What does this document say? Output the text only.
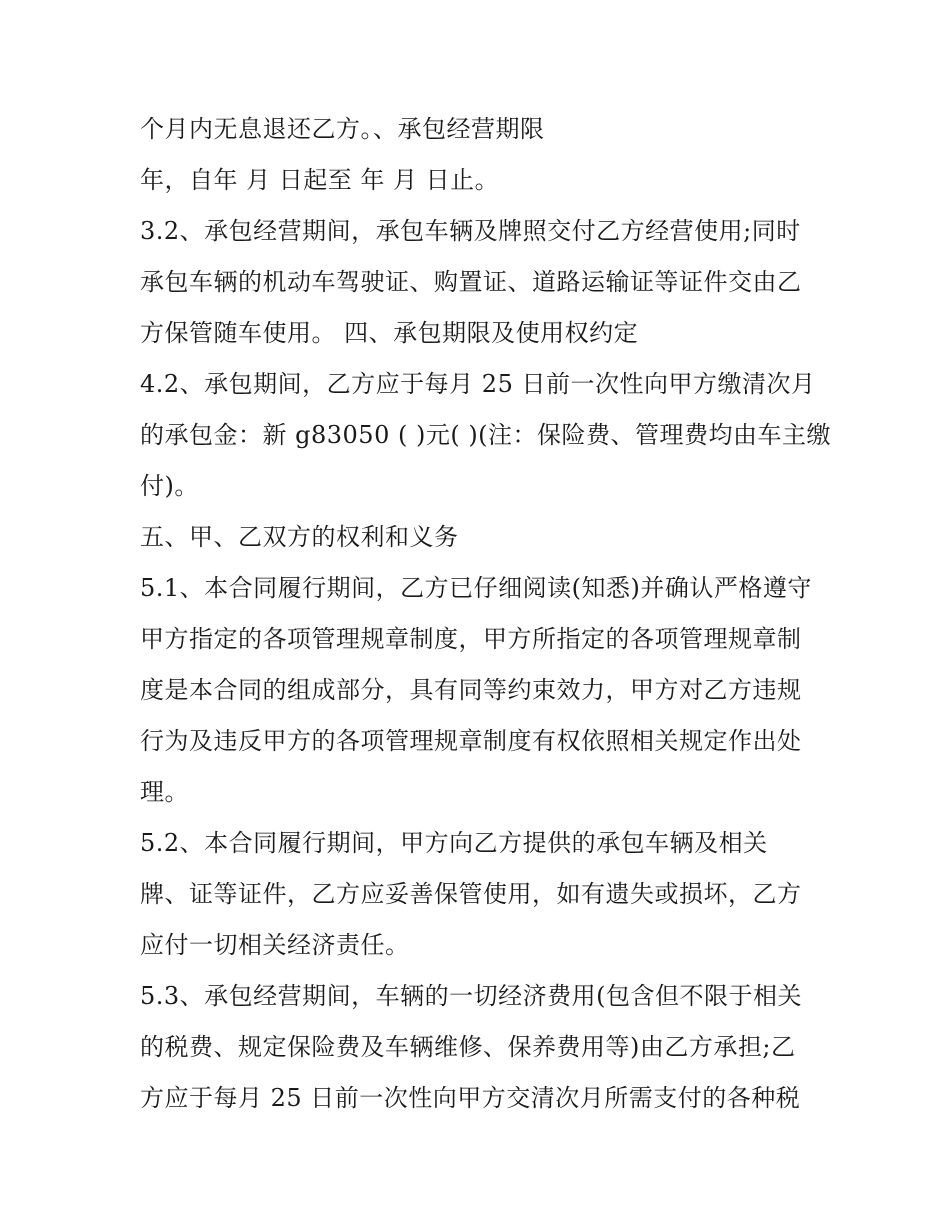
个月内无息退还乙方。、承包经营期限
年，自年 月 日起至 年 月 日止。
3.2、承包经营期间，承包车辆及牌照交付乙方经营使用;同时
承包车辆的机动车驾驶证、购置证、道路运输证等证件交由乙
方保管随车使用。 四、承包期限及使用权约定
4.2、承包期间，乙方应于每月 25 日前一次性向甲方缴清次月
的承包金：新 g83050 ( )元( )(注：保险费、管理费均由车主缴
付)。
五、甲、乙双方的权利和义务
5.1、本合同履行期间，乙方已仔细阅读(知悉)并确认严格遵守
甲方指定的各项管理规章制度，甲方所指定的各项管理规章制
度是本合同的组成部分，具有同等约束效力，甲方对乙方违规
行为及违反甲方的各项管理规章制度有权依照相关规定作出处
理。
5.2、本合同履行期间，甲方向乙方提供的承包车辆及相关
牌、证等证件，乙方应妥善保管使用，如有遗失或损坏，乙方
应付一切相关经济责任。
5.3、承包经营期间，车辆的一切经济费用(包含但不限于相关
的税费、规定保险费及车辆维修、保养费用等)由乙方承担;乙
方应于每月 25 日前一次性向甲方交清次月所需支付的各种税
